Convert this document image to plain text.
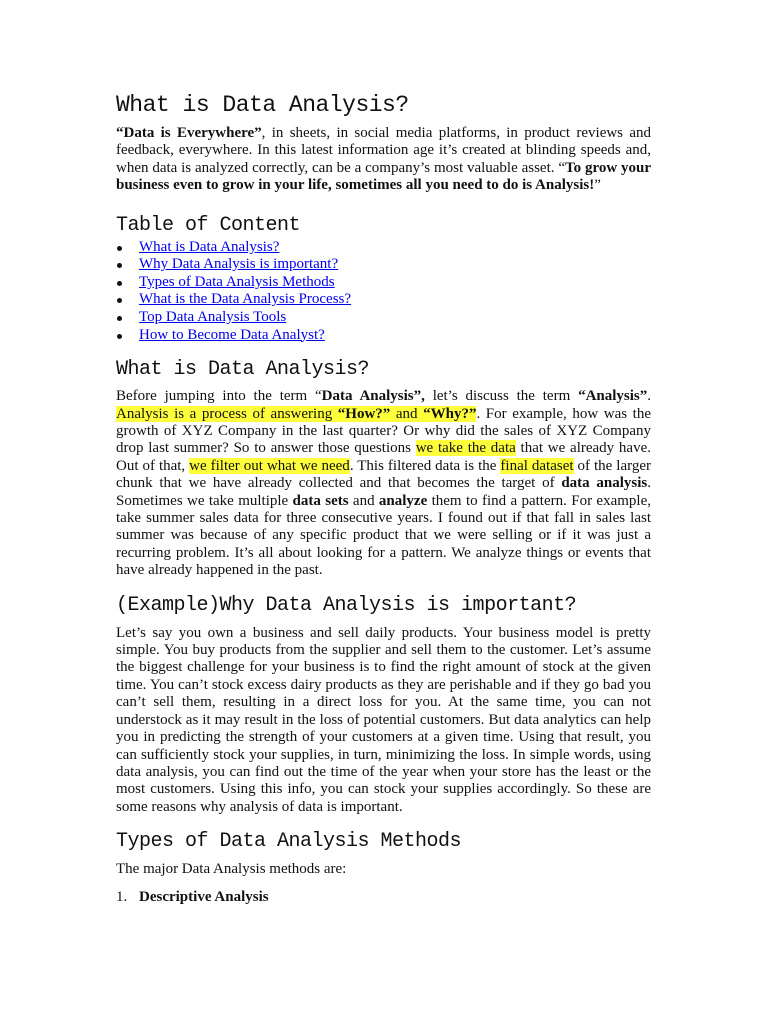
What is Data Analysis?

“Data is Everywhere”, in sheets, in social media platforms, in product reviews and feedback, everywhere. In this latest information age it’s created at blinding speeds and, when data is analyzed correctly, can be a company’s most valuable asset. “To grow your business even to grow in your life, sometimes all you need to do is Analysis!”

Table of Content
What is Data Analysis?
Why Data Analysis is important?
Types of Data Analysis Methods
What is the Data Analysis Process?
Top Data Analysis Tools
How to Become Data Analyst?
What is Data Analysis?

Before jumping into the term “Data Analysis”, let’s discuss the term “Analysis”. Analysis is a process of answering “How?” and “Why?”. For example, how was the growth of XYZ Company in the last quarter? Or why did the sales of XYZ Company drop last summer? So to answer those questions we take the data that we already have. Out of that, we filter out what we need. This filtered data is the final dataset of the larger chunk that we have already collected and that becomes the target of data analysis. Sometimes we take multiple data sets and analyze them to find a pattern. For example, take summer sales data for three consecutive years. I found out if that fall in sales last summer was because of any specific product that we were selling or if it was just a recurring problem. It’s all about looking for a pattern. We analyze things or events that have already happened in the past.

(Example)Why Data Analysis is important?

Let’s say you own a business and sell daily products. Your business model is pretty simple. You buy products from the supplier and sell them to the customer. Let’s assume the biggest challenge for your business is to find the right amount of stock at the given time. You can’t stock excess dairy products as they are perishable and if they go bad you can’t sell them, resulting in a direct loss for you. At the same time, you can not understock as it may result in the loss of potential customers. But data analytics can help you in predicting the strength of your customers at a given time. Using that result, you can sufficiently stock your supplies, in turn, minimizing the loss. In simple words, using data analysis, you can find out the time of the year when your store has the least or the most customers. Using this info, you can stock your supplies accordingly. So these are some reasons why analysis of data is important.

Types of Data Analysis Methods

The major Data Analysis methods are:

1. Descriptive Analysis
